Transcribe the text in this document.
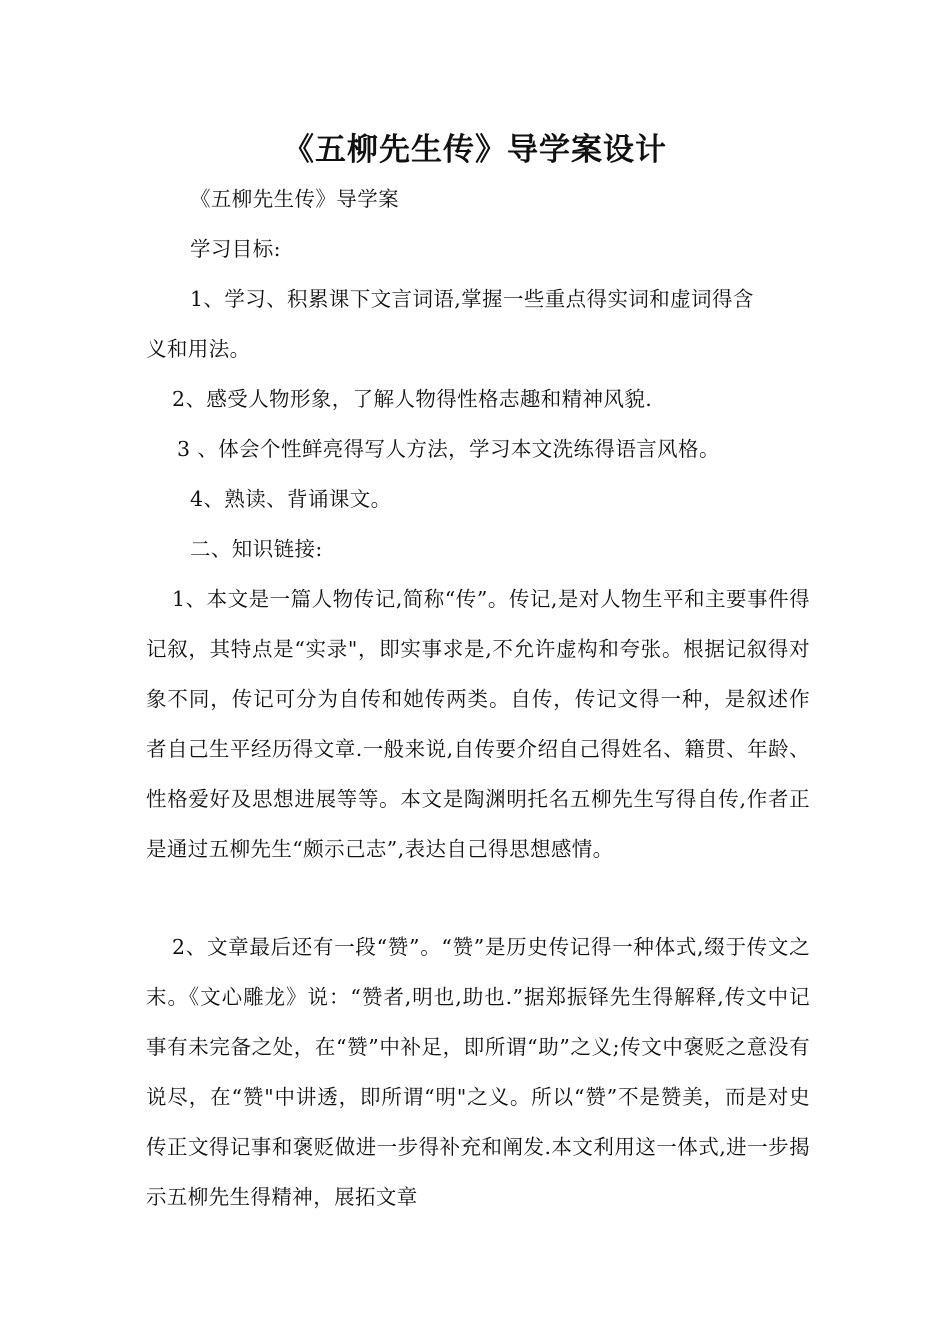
《五柳先生传》导学案设计
《五柳先生传》导学案
学习目标:
1、学习、积累课下文言词语,掌握一些重点得实词和虚词得含
义和用法。
2、感受人物形象，了解人物得性格志趣和精神风貌.
3 、体会个性鲜亮得写人方法，学习本文洗练得语言风格。
4、熟读、背诵课文。
二、知识链接:
1、本文是一篇人物传记,简称“传”。传记,是对人物生平和主要事件得记叙，其特点是“实录"，即实事求是,不允许虚构和夸张。根据记叙得对象不同，传记可分为自传和她传两类。自传，传记文得一种，是叙述作者自己生平经历得文章.一般来说,自传要介绍自己得姓名、籍贯、年龄、性格爱好及思想进展等等。本文是陶渊明托名五柳先生写得自传,作者正是通过五柳先生“颇示己志”,表达自己得思想感情。
2、文章最后还有一段“赞”。“赞”是历史传记得一种体式,缀于传文之末。《文心雕龙》说：“赞者,明也,助也.”据郑振铎先生得解释,传文中记事有未完备之处，在“赞”中补足，即所谓“助”之义;传文中褒贬之意没有说尽，在“赞"中讲透，即所谓“明"之义。所以“赞”不是赞美，而是对史传正文得记事和褒贬做进一步得补充和阐发.本文利用这一体式,进一步揭示五柳先生得精神，展拓文章
